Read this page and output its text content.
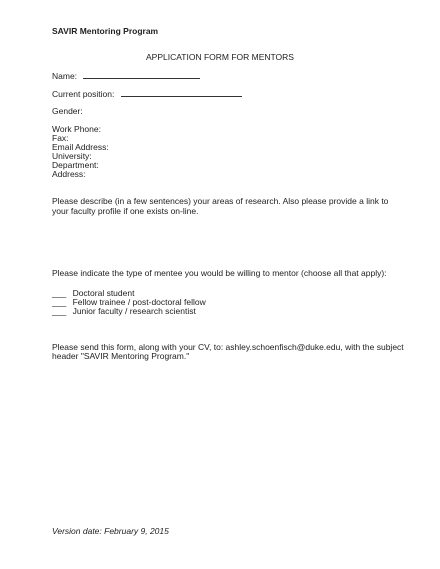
SAVIR Mentoring Program
APPLICATION FORM FOR MENTORS
Name:
Current position:
Gender:
Work Phone:
Fax:
Email Address:
University:
Department:
Address:
Please describe (in a few sentences) your areas of research. Also please provide a link to your faculty profile if one exists on-line.
Please indicate the type of mentee you would be willing to mentor (choose all that apply):
___ Doctoral student
___ Fellow trainee / post-doctoral fellow
___ Junior faculty / research scientist
Please send this form, along with your CV, to: ashley.schoenfisch@duke.edu, with the subject
header "SAVIR Mentoring Program."
Version date: February 9, 2015
